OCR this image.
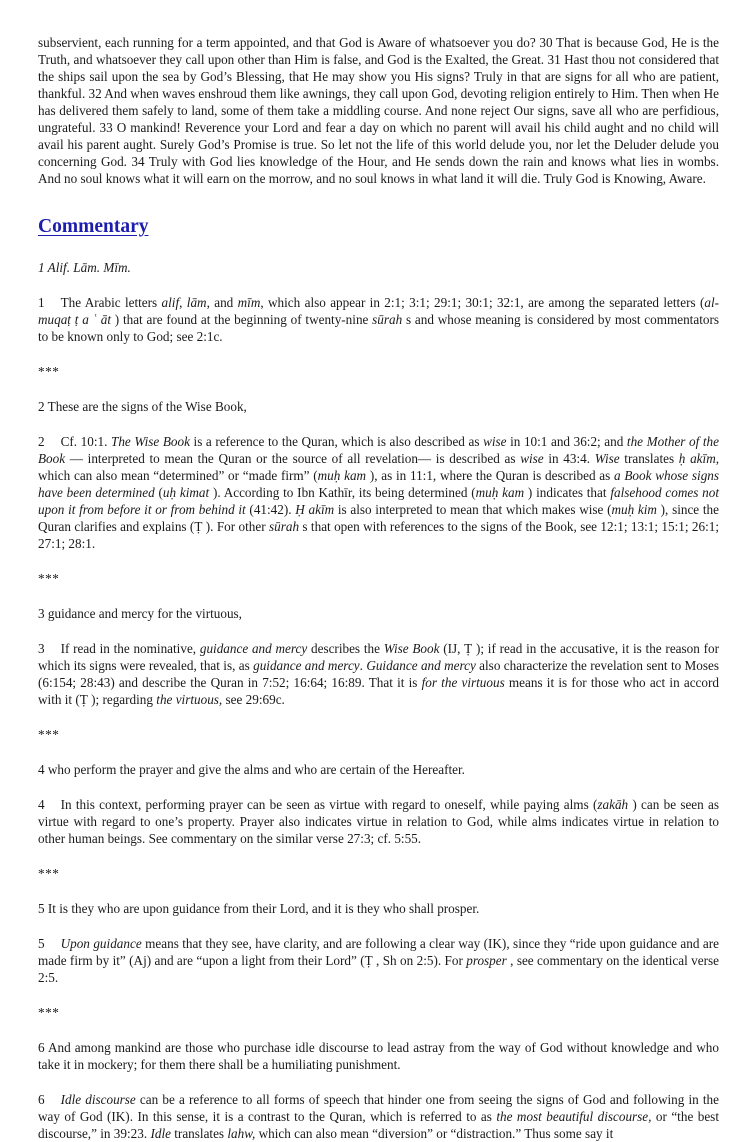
subservient, each running for a term appointed, and that God is Aware of whatsoever you do? 30 That is because God, He is the Truth, and whatsoever they call upon other than Him is false, and God is the Exalted, the Great. 31 Hast thou not considered that the ships sail upon the sea by God’s Blessing, that He may show you His signs? Truly in that are signs for all who are patient, thankful. 32 And when waves enshroud them like awnings, they call upon God, devoting religion entirely to Him. Then when He has delivered them safely to land, some of them take a middling course. And none reject Our signs, save all who are perfidious, ungrateful. 33 O mankind! Reverence your Lord and fear a day on which no parent will avail his child aught and no child will avail his parent aught. Surely God’s Promise is true. So let not the life of this world delude you, nor let the Deluder delude you concerning God. 34 Truly with God lies knowledge of the Hour, and He sends down the rain and knows what lies in wombs. And no soul knows what it will earn on the morrow, and no soul knows in what land it will die. Truly God is Knowing, Aware.

Commentary

1 Alif. Lām. Mīm.

1 The Arabic letters alif, lām, and mīm, which also appear in 2:1; 3:1; 29:1; 30:1; 32:1, are among the separated letters (al-muqaṭ ṭ a ʿ āt ) that are found at the beginning of twenty-nine sūrah s and whose meaning is considered by most commentators to be known only to God; see 2:1c.

***

2 These are the signs of the Wise Book,

2 Cf. 10:1. The Wise Book is a reference to the Quran, which is also described as wise in 10:1 and 36:2; and the Mother of the Book — interpreted to mean the Quran or the source of all revelation— is described as wise in 43:4. Wise translates ḥ akīm, which can also mean “determined” or “made firm” (muḥ kam ), as in 11:1, where the Quran is described as a Book whose signs have been determined (uḥ kimat ). According to Ibn Kathīr, its being determined (muḥ kam ) indicates that falsehood comes not upon it from before it or from behind it (41:42). Ḥ akīm is also interpreted to mean that which makes wise (muḥ kim ), since the Quran clarifies and explains (Ṭ ). For other sūrah s that open with references to the signs of the Book, see 12:1; 13:1; 15:1; 26:1; 27:1; 28:1.

***

3 guidance and mercy for the virtuous,

3 If read in the nominative, guidance and mercy describes the Wise Book (IJ, Ṭ ); if read in the accusative, it is the reason for which its signs were revealed, that is, as guidance and mercy. Guidance and mercy also characterize the revelation sent to Moses (6:154; 28:43) and describe the Quran in 7:52; 16:64; 16:89. That it is for the virtuous means it is for those who act in accord with it (Ṭ ); regarding the virtuous, see 29:69c.

***

4 who perform the prayer and give the alms and who are certain of the Hereafter.

4 In this context, performing prayer can be seen as virtue with regard to oneself, while paying alms (zakāh ) can be seen as virtue with regard to one’s property. Prayer also indicates virtue in relation to God, while alms indicates virtue in relation to other human beings. See commentary on the similar verse 27:3; cf. 5:55.

***

5 It is they who are upon guidance from their Lord, and it is they who shall prosper.

5 Upon guidance means that they see, have clarity, and are following a clear way (IK), since they “ride upon guidance and are made firm by it” (Aj) and are “upon a light from their Lord” (Ṭ , Sh on 2:5). For prosper , see commentary on the identical verse 2:5.

***

6 And among mankind are those who purchase idle discourse to lead astray from the way of God without knowledge and who take it in mockery; for them there shall be a humiliating punishment.

6 Idle discourse can be a reference to all forms of speech that hinder one from seeing the signs of God and following in the way of God (IK). In this sense, it is a contrast to the Quran, which is referred to as the most beautiful discourse, or “the best discourse,” in 39:23. Idle translates lahw, which can also mean “diversion” or “distraction.” Thus some say it
